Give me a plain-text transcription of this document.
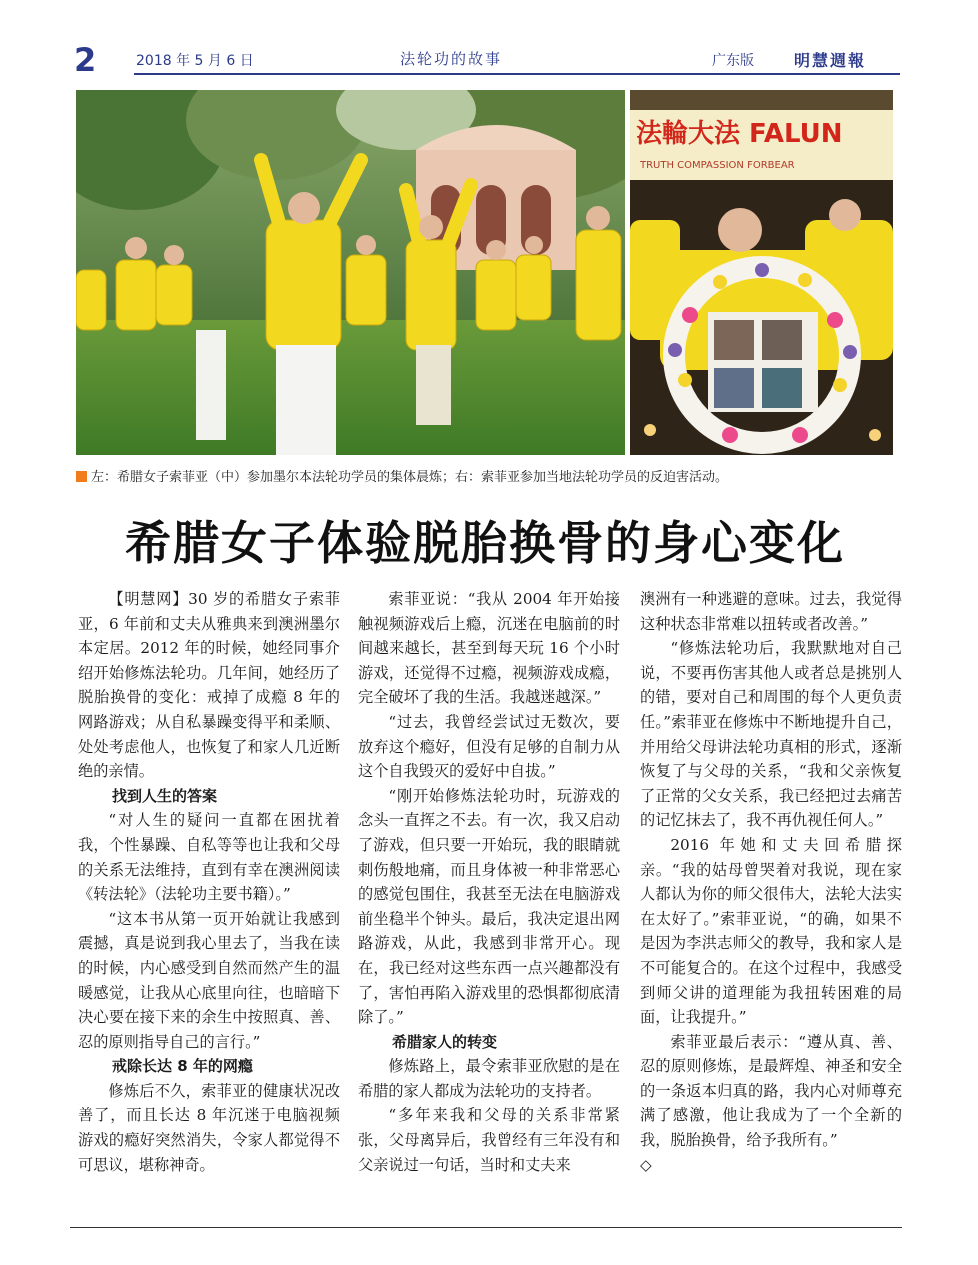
2	2018 年 5 月 6 日	法轮功的故事	广东版	明慧週報
法輪大法 FALUN
TRUTH COMPASSION FORBEAR
左：希腊女子索菲亚（中）参加墨尔本法轮功学员的集体晨炼；右：索菲亚参加当地法轮功学员的反迫害活动。
希腊女子体验脱胎换骨的身心变化

【明慧网】30 岁的希腊女子索菲亚，6 年前和丈夫从雅典来到澳洲墨尔本定居。2012 年的时候，她经同事介绍开始修炼法轮功。几年间，她经历了脱胎换骨的变化：戒掉了成瘾 8 年的网路游戏；从自私暴躁变得平和柔顺、处处考虑他人，也恢复了和家人几近断绝的亲情。

找到人生的答案

“对人生的疑问一直都在困扰着我，个性暴躁、自私等等也让我和父母的关系无法维持，直到有幸在澳洲阅读《转法轮》（法轮功主要书籍）。”

“这本书从第一页开始就让我感到震撼，真是说到我心里去了，当我在读的时候，内心感受到自然而然产生的温暖感觉，让我从心底里向往，也暗暗下决心要在接下来的余生中按照真、善、忍的原则指导自己的言行。”

戒除长达 8 年的网瘾

修炼后不久，索菲亚的健康状况改善了，而且长达 8 年沉迷于电脑视频游戏的瘾好突然消失，令家人都觉得不可思议，堪称神奇。

索菲亚说：“我从 2004 年开始接触视频游戏后上瘾，沉迷在电脑前的时间越来越长，甚至到每天玩 16 个小时游戏，还觉得不过瘾，视频游戏成瘾，完全破坏了我的生活。我越迷越深。”

“过去，我曾经尝试过无数次，要放弃这个瘾好，但没有足够的自制力从这个自我毁灭的爱好中自拔。”

“刚开始修炼法轮功时，玩游戏的念头一直挥之不去。有一次，我又启动了游戏，但只要一开始玩，我的眼睛就刺伤般地痛，而且身体被一种非常恶心的感觉包围住，我甚至无法在电脑游戏前坐稳半个钟头。最后，我决定退出网路游戏，从此，我感到非常开心。现在，我已经对这些东西一点兴趣都没有了，害怕再陷入游戏里的恐惧都彻底清除了。”

希腊家人的转变

修炼路上，最令索菲亚欣慰的是在希腊的家人都成为法轮功的支持者。

“多年来我和父母的关系非常紧张，父母离异后，我曾经有三年没有和父亲说过一句话，当时和丈夫来

澳洲有一种逃避的意味。过去，我觉得这种状态非常难以扭转或者改善。”

“修炼法轮功后，我默默地对自己说，不要再伤害其他人或者总是挑别人的错，要对自己和周围的每个人更负责任。”索菲亚在修炼中不断地提升自己，并用给父母讲法轮功真相的形式，逐渐恢复了与父母的关系，“我和父亲恢复了正常的父女关系，我已经把过去痛苦的记忆抹去了，我不再仇视任何人。”

2016 年她和丈夫回希腊探亲。“我的姑母曾哭着对我说，现在家人都认为你的师父很伟大，法轮大法实在太好了。”索菲亚说，“的确，如果不是因为李洪志师父的教导，我和家人是不可能复合的。在这个过程中，我感受到师父讲的道理能为我扭转困难的局面，让我提升。”

索菲亚最后表示：“遵从真、善、忍的原则修炼，是最辉煌、神圣和安全的一条返本归真的路，我内心对师尊充满了感激，他让我成为了一个全新的我，脱胎换骨，给予我所有。”

◇
